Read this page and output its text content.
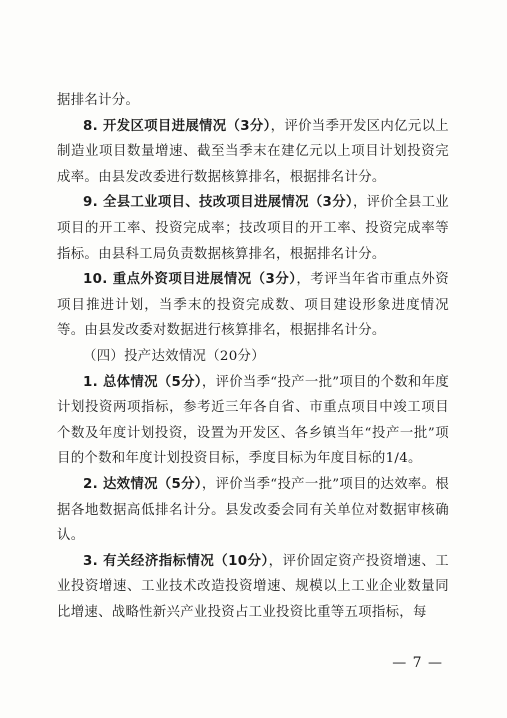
据排名计分。

8. 开发区项目进展情况（3分），评价当季开发区内亿元以上制造业项目数量增速、截至当季末在建亿元以上项目计划投资完成率。由县发改委进行数据核算排名，根据排名计分。

9. 全县工业项目、技改项目进展情况（3分），评价全县工业项目的开工率、投资完成率；技改项目的开工率、投资完成率等指标。由县科工局负责数据核算排名，根据排名计分。

10. 重点外资项目进展情况（3分），考评当年省市重点外资项目推进计划，当季末的投资完成数、项目建设形象进度情况等。由县发改委对数据进行核算排名，根据排名计分。

（四）投产达效情况（20分）

1. 总体情况（5分），评价当季“投产一批”项目的个数和年度计划投资两项指标，参考近三年各自省、市重点项目中竣工项目个数及年度计划投资，设置为开发区、各乡镇当年“投产一批”项目的个数和年度计划投资目标，季度目标为年度目标的1/4。

2. 达效情况（5分），评价当季“投产一批”项目的达效率。根据各地数据高低排名计分。县发改委会同有关单位对数据审核确认。

3. 有关经济指标情况（10分），评价固定资产投资增速、工业投资增速、工业技术改造投资增速、规模以上工业企业数量同比增速、战略性新兴产业投资占工业投资比重等五项指标，每

— 7 —
